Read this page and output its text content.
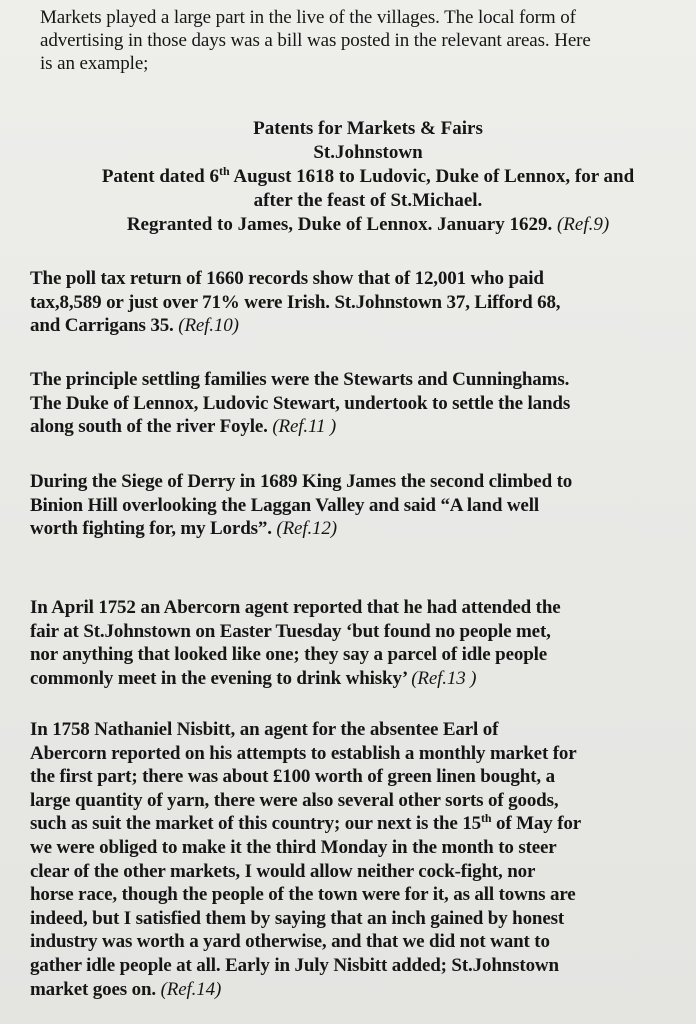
Markets played a large part in the live of the villages. The local form of
advertising in those days was a bill was posted in the relevant areas. Here
is an example;
Patents for Markets & Fairs
St.Johnstown
Patent dated 6th August 1618 to Ludovic, Duke of Lennox, for and
after the feast of St.Michael.
Regranted to James, Duke of Lennox. January 1629. (Ref.9)
The poll tax return of 1660 records show that of 12,001 who paid
tax,8,589 or just over 71% were Irish. St.Johnstown 37, Lifford 68,
and Carrigans 35. (Ref.10)
The principle settling families were the Stewarts and Cunninghams.
The Duke of Lennox, Ludovic Stewart, undertook to settle the lands
along south of the river Foyle. (Ref.11 )
During the Siege of Derry in 1689 King James the second climbed to
Binion Hill overlooking the Laggan Valley and said “A land well
worth fighting for, my Lords”. (Ref.12)
In April 1752 an Abercorn agent reported that he had attended the
fair at St.Johnstown on Easter Tuesday ‘but found no people met,
nor anything that looked like one; they say a parcel of idle people
commonly meet in the evening to drink whisky’ (Ref.13 )
In 1758 Nathaniel Nisbitt, an agent for the absentee Earl of
Abercorn reported on his attempts to establish a monthly market for
the first part; there was about £100 worth of green linen bought, a
large quantity of yarn, there were also several other sorts of goods,
such as suit the market of this country; our next is the 15th of May for
we were obliged to make it the third Monday in the month to steer
clear of the other markets, I would allow neither cock-fight, nor
horse race, though the people of the town were for it, as all towns are
indeed, but I satisfied them by saying that an inch gained by honest
industry was worth a yard otherwise, and that we did not want to
gather idle people at all. Early in July Nisbitt added; St.Johnstown
market goes on. (Ref.14)
